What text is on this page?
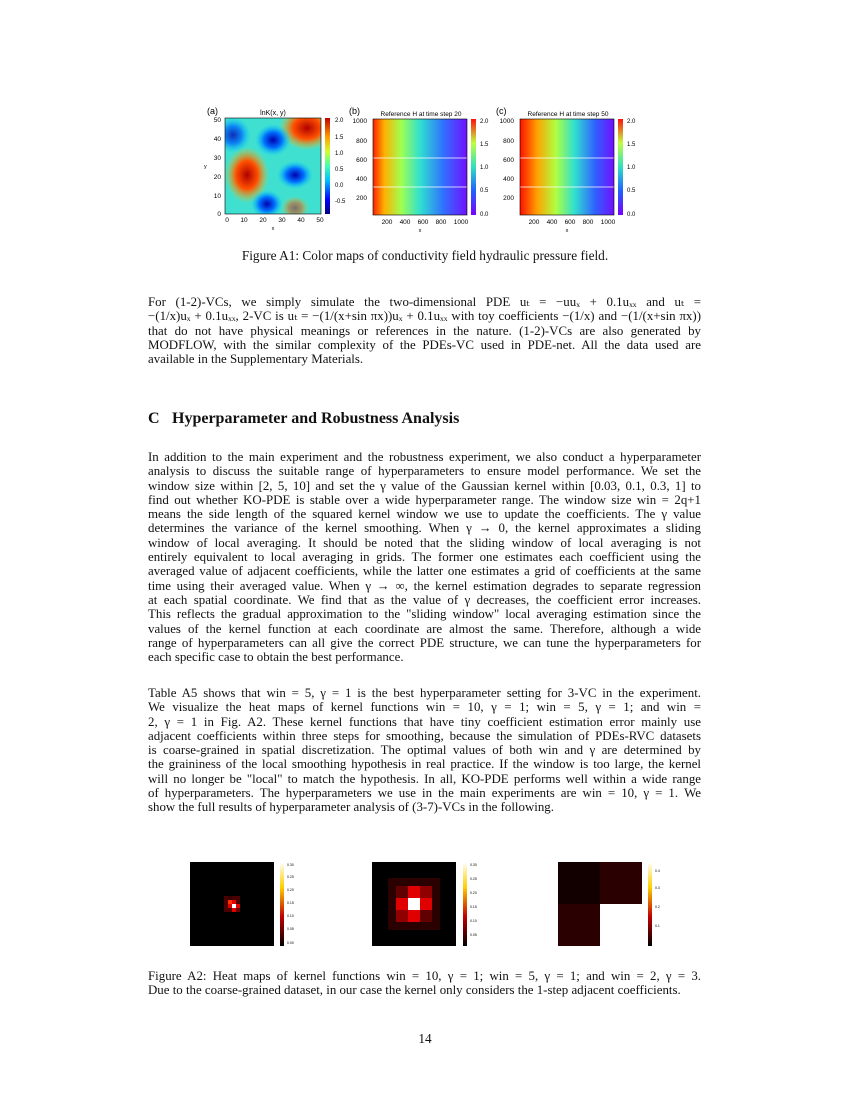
(a)	lnK(x, y)
0
10
20
30
40
50
y
0 10 20 30 40 50
x
2.0
1.5
1.0
0.5
0.0
-0.5
(b)	Reference H at time step 20
1000
800
600
400
200
200 400 600 800 1000
x
2.0
1.5
1.0
0.5
0.0
(c)	Reference H at time step 50
1000
800
600
400
200
200 400 600 800 1000
x
2.0
1.5
1.0
0.5
0.0
Figure A1: Color maps of conductivity field hydraulic pressure field.
For (1-2)-VCs, we simply simulate the two-dimensional PDE uₜ = −uuₓ + 0.1uₓₓ and uₜ =
−(1/x)uₓ + 0.1uₓₓ, 2-VC is uₜ = −(1/(x+sin πx))uₓ + 0.1uₓₓ with toy coefficients −(1/x) and −(1/(x+sin πx))
that do not have physical meanings or references in the nature. (1-2)-VCs are also generated by
MODFLOW, with the similar complexity of the PDEs-VC used in PDE-net. All the data used are
available in the Supplementary Materials.
C Hyperparameter and Robustness Analysis
In addition to the main experiment and the robustness experiment, we also conduct a hyperparameter
analysis to discuss the suitable range of hyperparameters to ensure model performance. We set the
window size within [2, 5, 10] and set the γ value of the Gaussian kernel within [0.03, 0.1, 0.3, 1] to
find out whether KO-PDE is stable over a wide hyperparameter range. The window size win = 2q+1
means the side length of the squared kernel window we use to update the coefficients. The γ value
determines the variance of the kernel smoothing. When γ → 0, the kernel approximates a sliding
window of local averaging. It should be noted that the sliding window of local averaging is not
entirely equivalent to local averaging in grids. The former one estimates each coefficient using the
averaged value of adjacent coefficients, while the latter one estimates a grid of coefficients at the same
time using their averaged value. When γ → ∞, the kernel estimation degrades to separate regression
at each spatial coordinate. We find that as the value of γ decreases, the coefficient error increases.
This reflects the gradual approximation to the "sliding window" local averaging estimation since the
values of the kernel function at each coordinate are almost the same. Therefore, although a wide
range of hyperparameters can all give the correct PDE structure, we can tune the hyperparameters for
each specific case to obtain the best performance.
Table A5 shows that win = 5, γ = 1 is the best hyperparameter setting for 3-VC in the experiment.
We visualize the heat maps of kernel functions win = 10, γ = 1; win = 5, γ = 1; and win =
2, γ = 1 in Fig. A2. These kernel functions that have tiny coefficient estimation error mainly use
adjacent coefficients within three steps for smoothing, because the simulation of PDEs-RVC datasets
is coarse-grained in spatial discretization. The optimal values of both win and γ are determined by
the graininess of the local smoothing hypothesis in real practice. If the window is too large, the kernel
will no longer be "local" to match the hypothesis. In all, KO-PDE performs well within a wide range
of hyperparameters. The hyperparameters we use in the main experiments are win = 10, γ = 1. We
show the full results of hyperparameter analysis of (3-7)-VCs in the following.
0.30
0.25
0.20
0.15
0.10
0.05
0.00
0.30
0.25
0.20
0.15
0.10
0.05
0.4
0.3
0.2
0.1
Figure A2: Heat maps of kernel functions win = 10, γ = 1; win = 5, γ = 1; and win = 2, γ = 3.
Due to the coarse-grained dataset, in our case the kernel only considers the 1-step adjacent coefficients.
14
